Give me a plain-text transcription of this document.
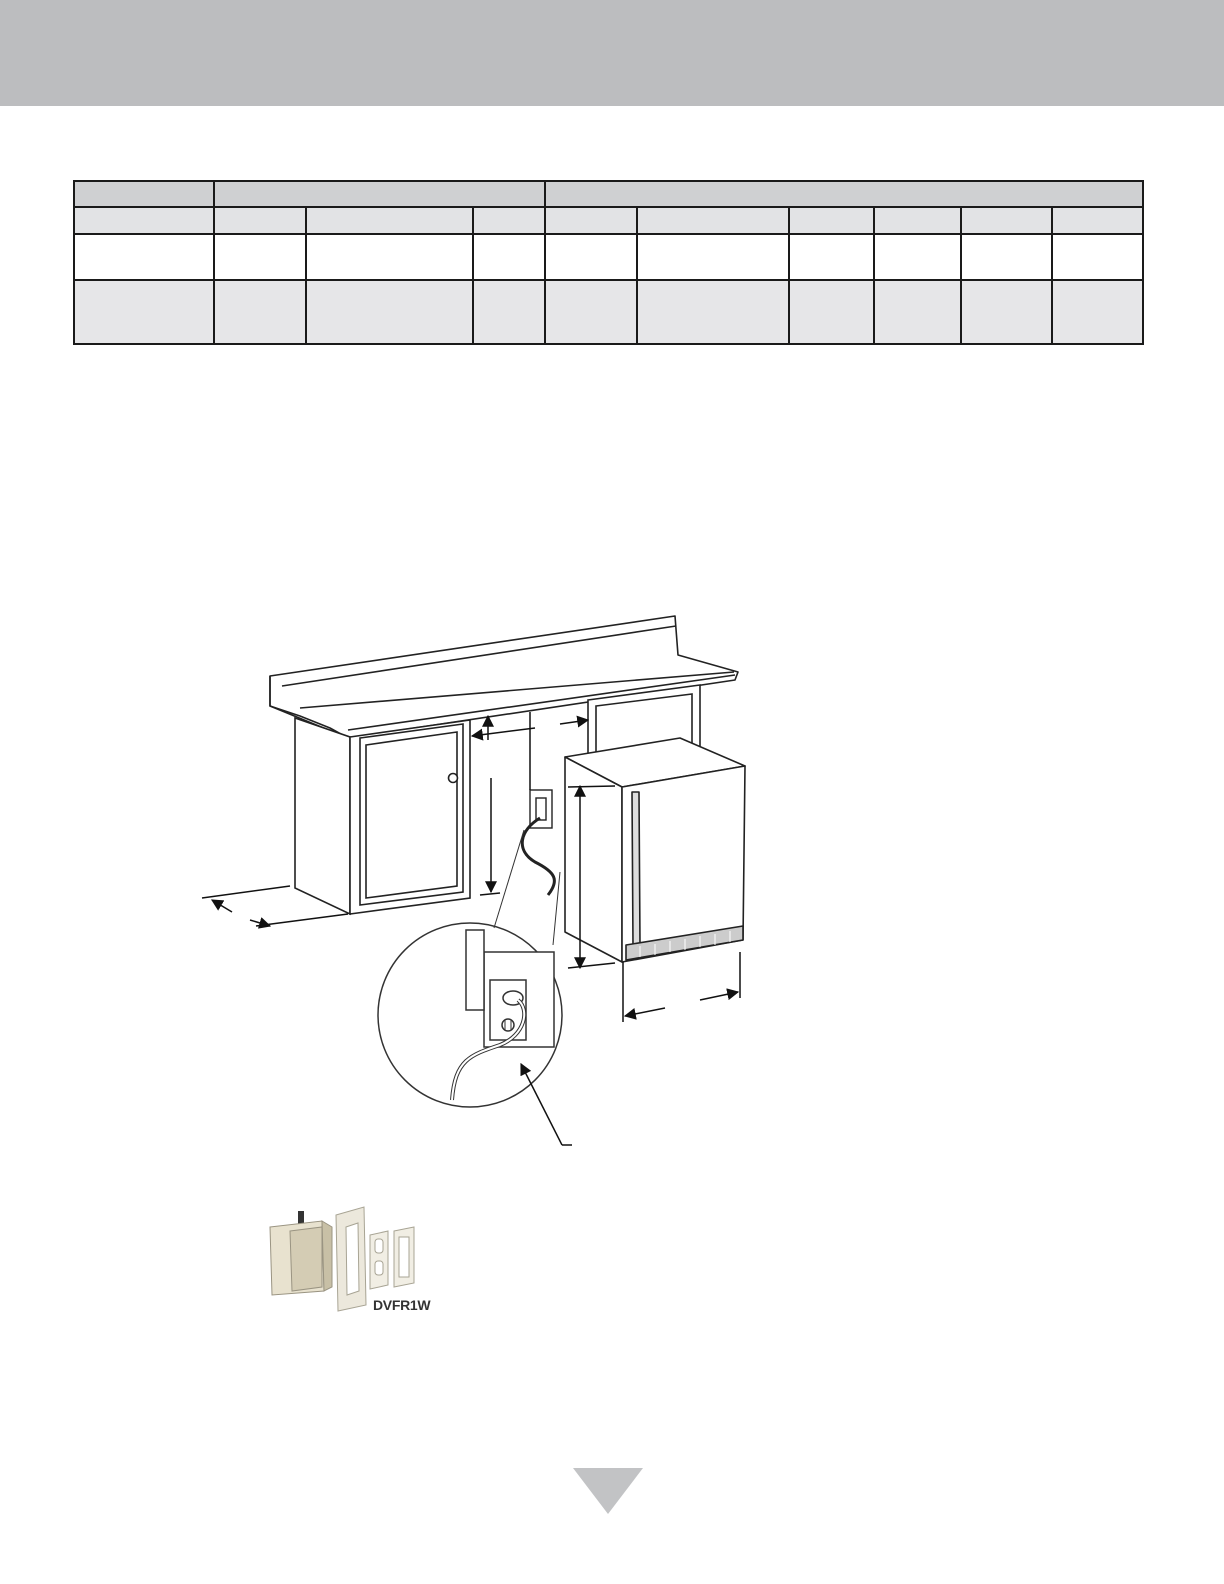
DVFR1W
